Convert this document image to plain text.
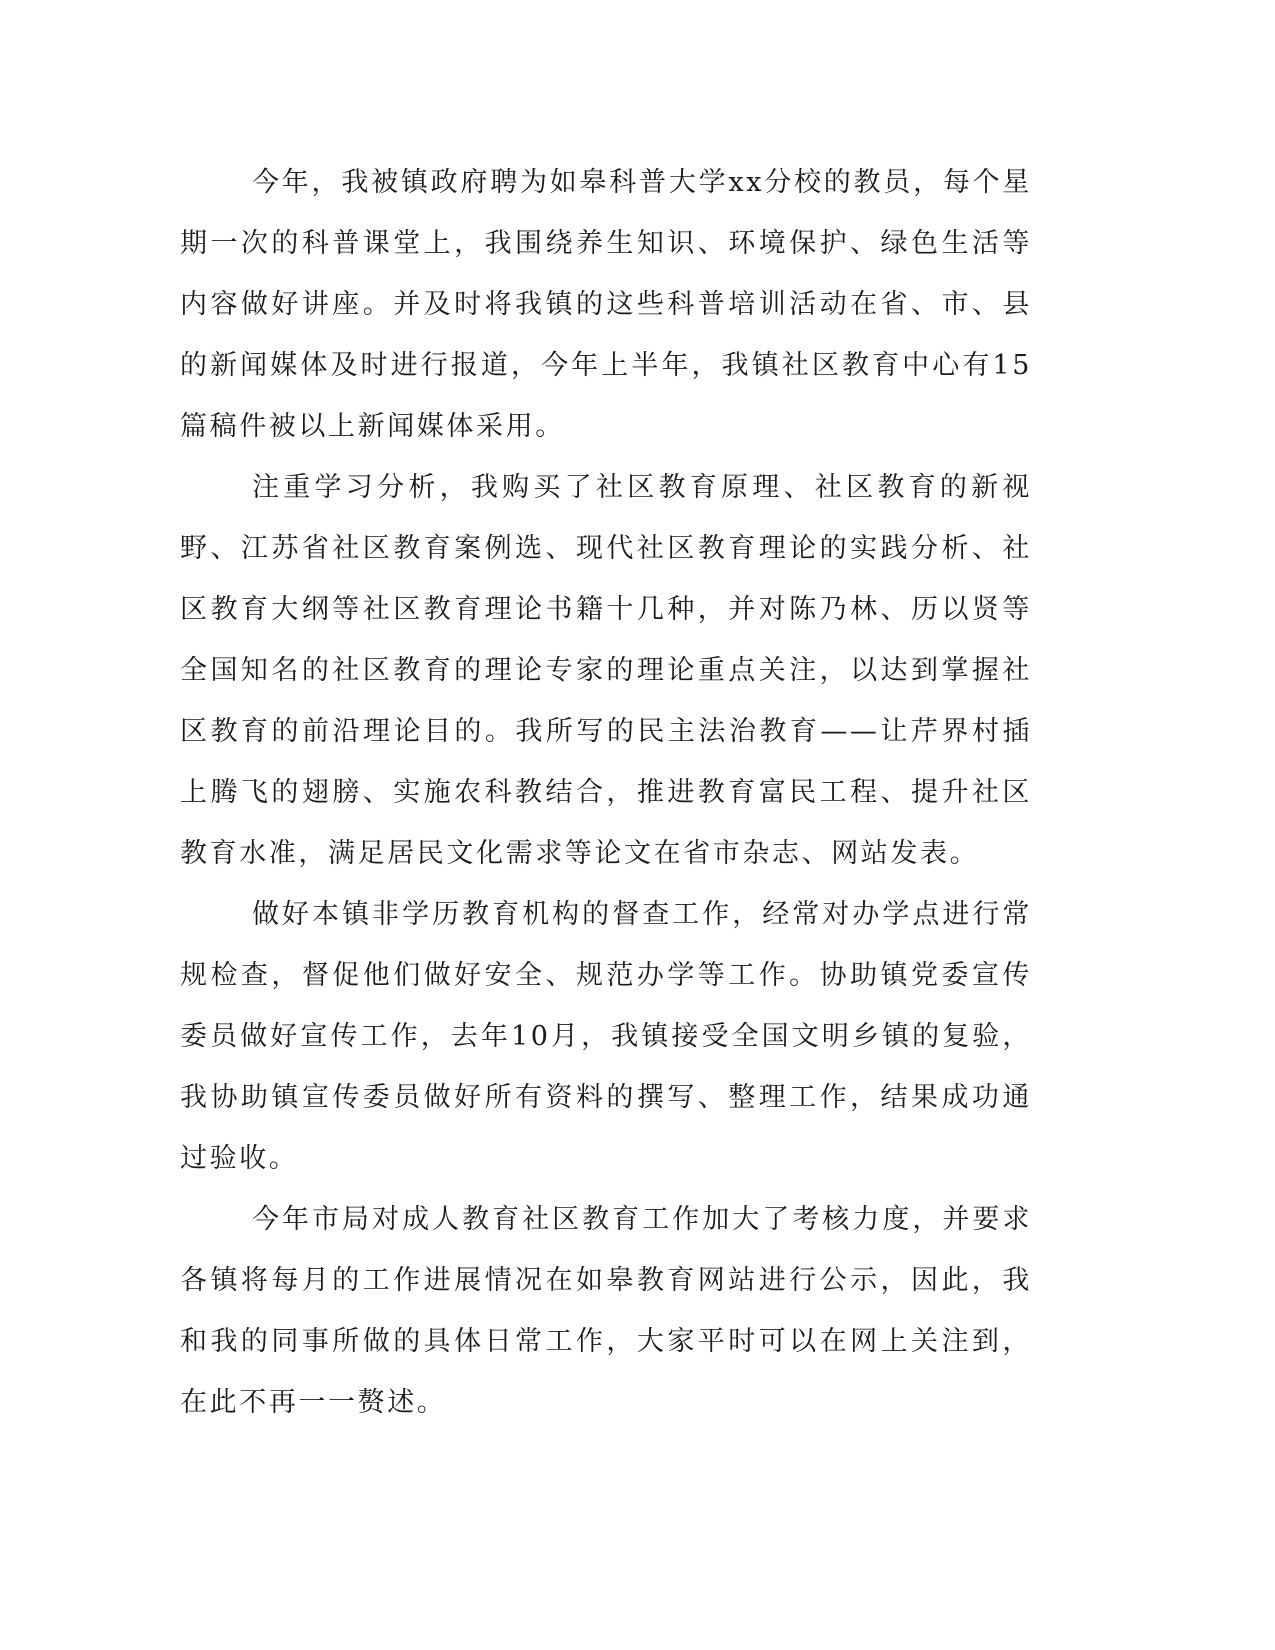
今年，我被镇政府聘为如皋科普大学xx分校的教员，每个星期一次的科普课堂上，我围绕养生知识、环境保护、绿色生活等内容做好讲座。并及时将我镇的这些科普培训活动在省、市、县的新闻媒体及时进行报道，今年上半年，我镇社区教育中心有15篇稿件被以上新闻媒体采用。

注重学习分析，我购买了社区教育原理、社区教育的新视野、江苏省社区教育案例选、现代社区教育理论的实践分析、社区教育大纲等社区教育理论书籍十几种，并对陈乃林、历以贤等全国知名的社区教育的理论专家的理论重点关注，以达到掌握社区教育的前沿理论目的。我所写的民主法治教育——让芹界村插上腾飞的翅膀、实施农科教结合，推进教育富民工程、提升社区教育水准，满足居民文化需求等论文在省市杂志、网站发表。

做好本镇非学历教育机构的督查工作，经常对办学点进行常规检查，督促他们做好安全、规范办学等工作。协助镇党委宣传委员做好宣传工作，去年10月，我镇接受全国文明乡镇的复验，我协助镇宣传委员做好所有资料的撰写、整理工作，结果成功通过验收。

今年市局对成人教育社区教育工作加大了考核力度，并要求各镇将每月的工作进展情况在如皋教育网站进行公示，因此，我和我的同事所做的具体日常工作，大家平时可以在网上关注到，在此不再一一赘述。
